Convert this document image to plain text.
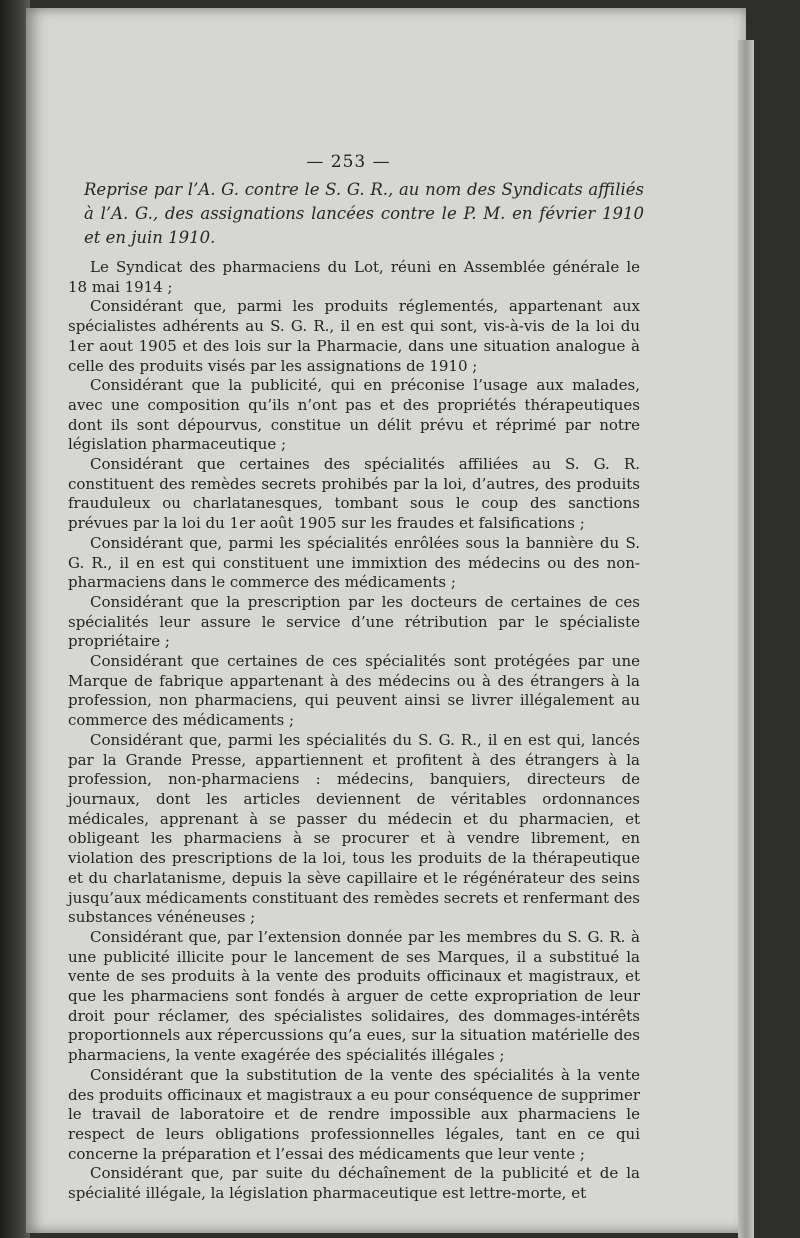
— 253 —
Reprise par l’A. G. contre le S. G. R., au nom des Syndicats affiliés à l’A. G., des assignations lancées contre le P. M. en février 1910 et en juin 1910.

Le Syndicat des pharmaciens du Lot, réuni en Assemblée générale le 18 mai 1914 ;

Considérant que, parmi les produits réglementés, appartenant aux spécialistes adhérents au S. G. R., il en est qui sont, vis-à-vis de la loi du 1er aout 1905 et des lois sur la Pharmacie, dans une situation analogue à celle des produits visés par les assignations de 1910 ;

Considérant que la publicité, qui en préconise l’usage aux malades, avec une composition qu’ils n’ont pas et des propriétés thérapeutiques dont ils sont dépourvus, constitue un délit prévu et réprimé par notre législation pharmaceutique ;

Considérant que certaines des spécialités affiliées au S. G. R. constituent des remèdes secrets prohibés par la loi, d’autres, des produits frauduleux ou charlatanesques, tombant sous le coup des sanctions prévues par la loi du 1er août 1905 sur les fraudes et falsifications ;

Considérant que, parmi les spécialités enrôlées sous la bannière du S. G. R., il en est qui constituent une immixtion des médecins ou des non-pharmaciens dans le commerce des médicaments ;

Considérant que la prescription par les docteurs de certaines de ces spécialités leur assure le service d’une rétribution par le spécialiste propriétaire ;

Considérant que certaines de ces spécialités sont protégées par une Marque de fabrique appartenant à des médecins ou à des étrangers à la profession, non pharmaciens, qui peuvent ainsi se livrer illégalement au commerce des médicaments ;

Considérant que, parmi les spécialités du S. G. R., il en est qui, lancés par la Grande Presse, appartiennent et profitent à des étrangers à la profession, non-pharmaciens : médecins, banquiers, directeurs de journaux, dont les articles deviennent de véritables ordonnances médicales, apprenant à se passer du médecin et du pharmacien, et obligeant les pharmaciens à se procurer et à vendre librement, en violation des prescriptions de la loi, tous les produits de la thérapeutique et du charlatanisme, depuis la sève capillaire et le régénérateur des seins jusqu’aux médicaments constituant des remèdes secrets et renfermant des substances vénéneuses ;

Considérant que, par l’extension donnée par les membres du S. G. R. à une publicité illicite pour le lancement de ses Marques, il a substitué la vente de ses produits à la vente des produits officinaux et magistraux, et que les pharmaciens sont fondés à arguer de cette expropriation de leur droit pour réclamer, des spécialistes solidaires, des dommages-intérêts proportionnels aux répercussions qu’a eues, sur la situation matérielle des pharmaciens, la vente exagérée des spécialités illégales ;

Considérant que la substitution de la vente des spécialités à la vente des produits officinaux et magistraux a eu pour conséquence de supprimer le travail de laboratoire et de rendre impossible aux pharmaciens le respect de leurs obligations professionnelles légales, tant en ce qui concerne la préparation et l’essai des médicaments que leur vente ;

Considérant que, par suite du déchaînement de la publicité et de la spécialité illégale, la législation pharmaceutique est lettre-morte, et
